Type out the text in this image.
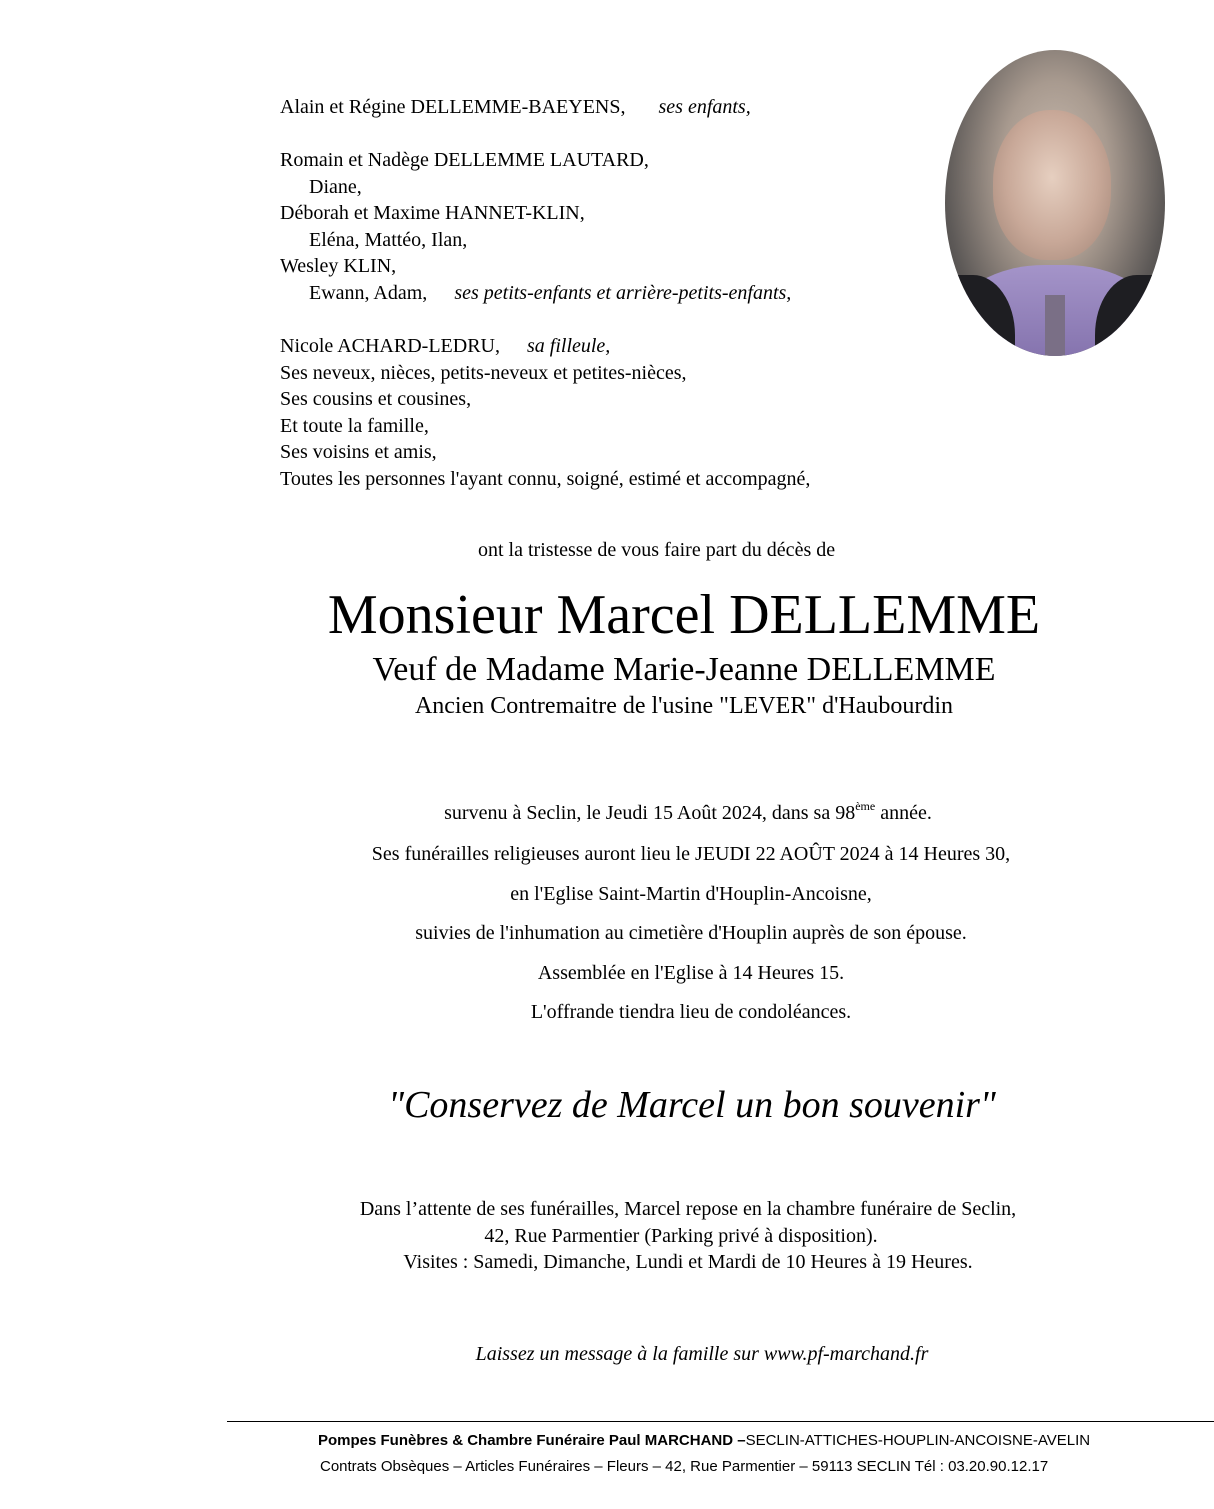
Alain et Régine DELLEMME-BAEYENS, ses enfants,
Romain et Nadège DELLEMME LAUTARD,
Diane,
Déborah et Maxime HANNET-KLIN,
Eléna, Mattéo, Ilan,
Wesley KLIN,
Ewann, Adam, ses petits-enfants et arrière-petits-enfants,
Nicole ACHARD-LEDRU, sa filleule,
Ses neveux, nièces, petits-neveux et petites-nièces,
Ses cousins et cousines,
Et toute la famille,
Ses voisins et amis,
Toutes les personnes l'ayant connu, soigné, estimé et accompagné,
ont la tristesse de vous faire part du décès de
Monsieur Marcel DELLEMME
Veuf de Madame Marie-Jeanne DELLEMME
Ancien Contremaitre de l'usine "LEVER" d'Haubourdin
survenu à Seclin, le Jeudi 15 Août 2024, dans sa 98ème année.
Ses funérailles religieuses auront lieu le JEUDI 22 AOÛT 2024 à 14 Heures 30,
en l'Eglise Saint-Martin d'Houplin-Ancoisne,
suivies de l'inhumation au cimetière d'Houplin auprès de son épouse.
Assemblée en l'Eglise à 14 Heures 15.
L'offrande tiendra lieu de condoléances.
"Conservez de Marcel un bon souvenir"
Dans l’attente de ses funérailles, Marcel repose en la chambre funéraire de Seclin,
42, Rue Parmentier (Parking privé à disposition).
Visites : Samedi, Dimanche, Lundi et Mardi de 10 Heures à 19 Heures.
Laissez un message à la famille sur www.pf-marchand.fr
Pompes Funèbres & Chambre Funéraire Paul MARCHAND –SECLIN-ATTICHES-HOUPLIN-ANCOISNE-AVELIN
Contrats Obsèques – Articles Funéraires – Fleurs – 42, Rue Parmentier – 59113 SECLIN Tél : 03.20.90.12.17
